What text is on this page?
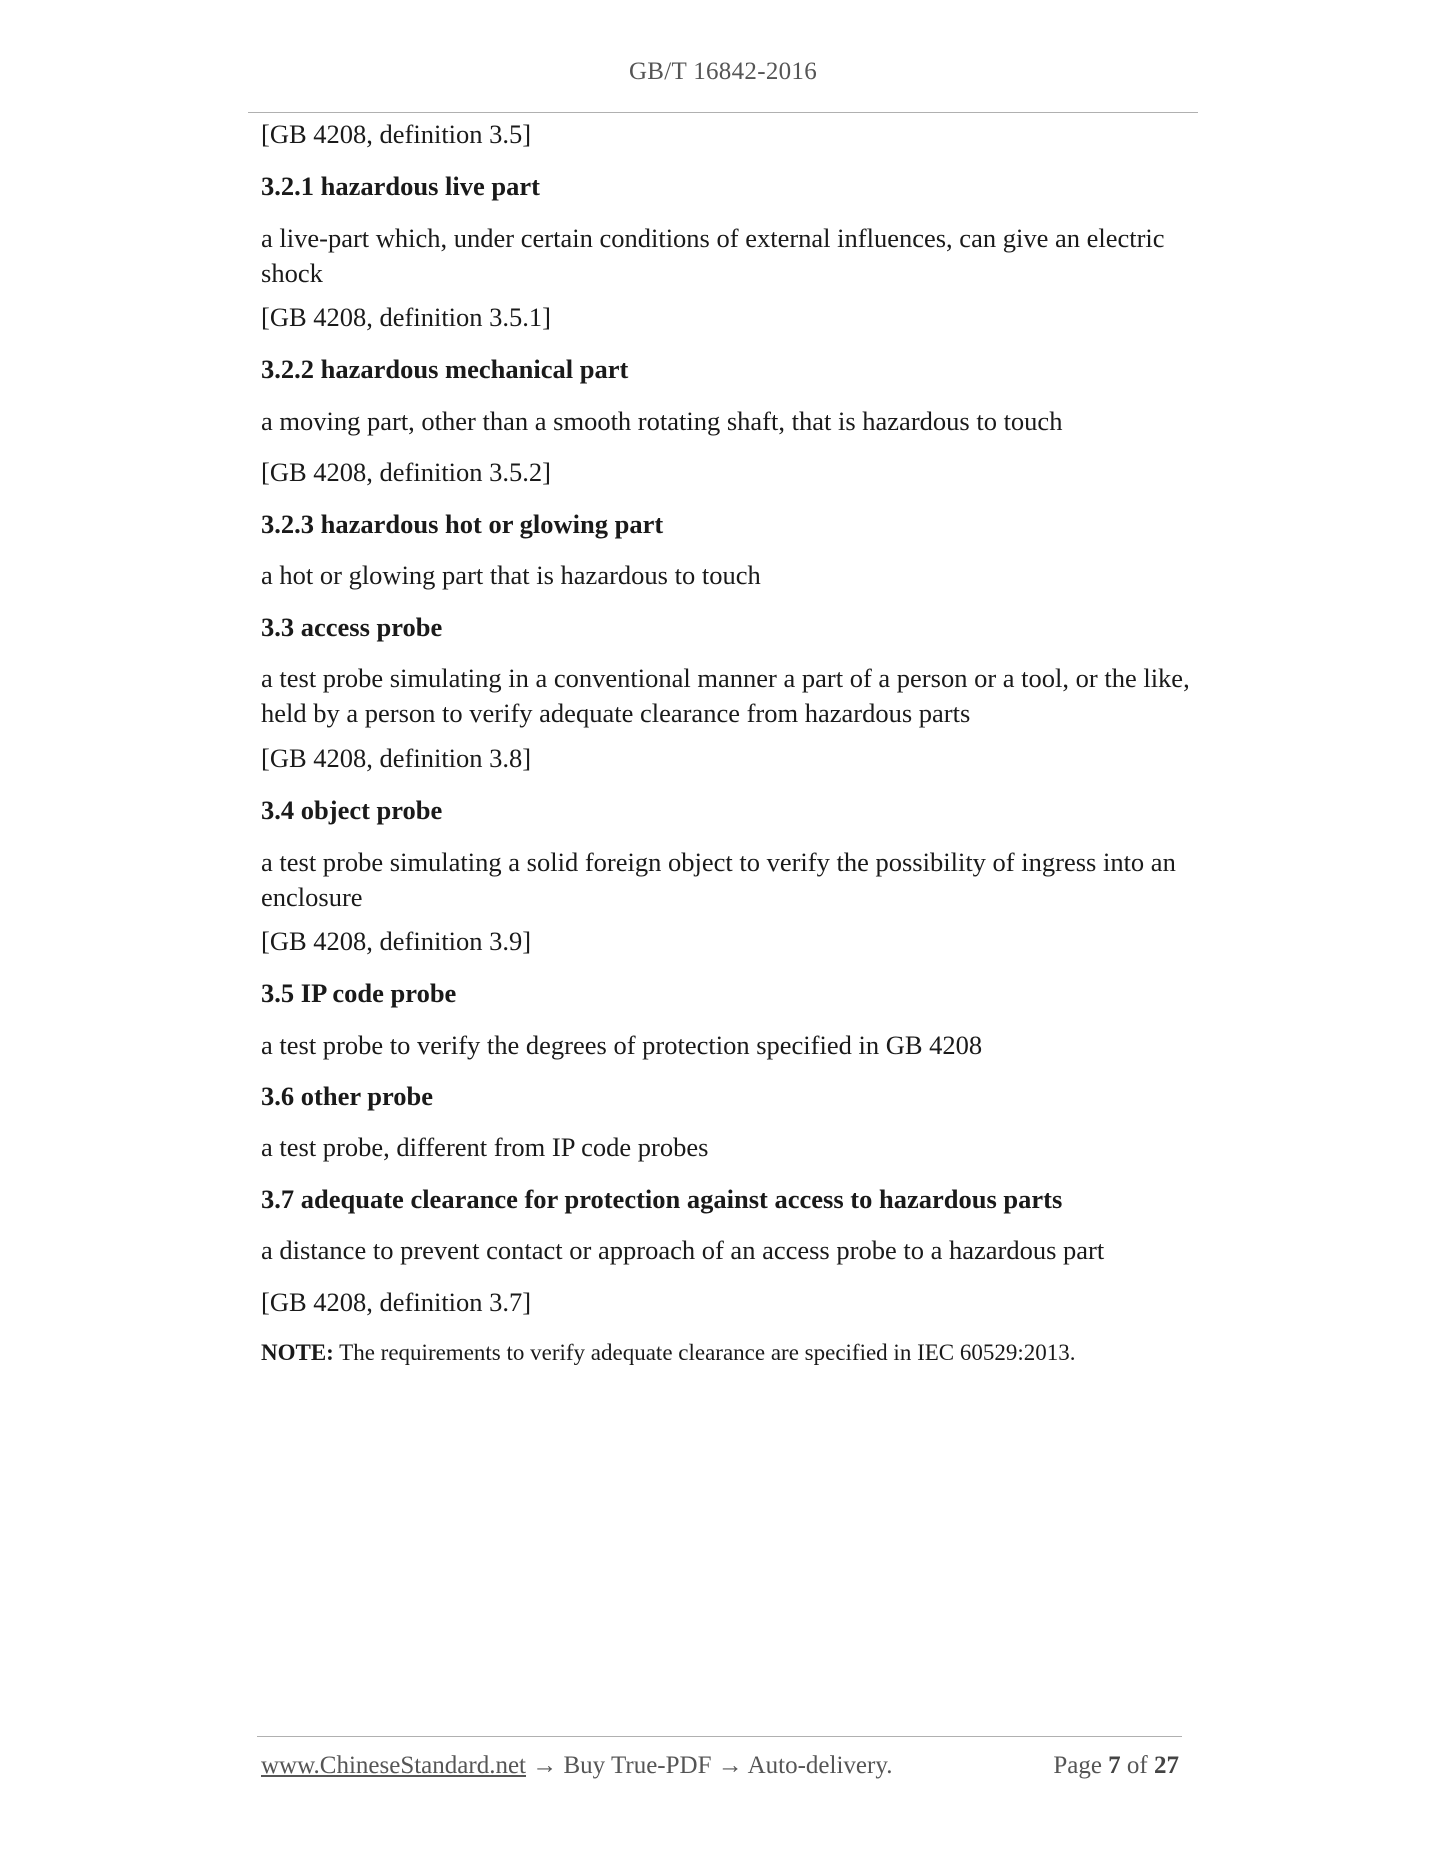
GB/T 16842-2016

[GB 4208, definition 3.5]

3.2.1 hazardous live part

a live-part which, under certain conditions of external influences, can give an electric shock

[GB 4208, definition 3.5.1]

3.2.2 hazardous mechanical part

a moving part, other than a smooth rotating shaft, that is hazardous to touch

[GB 4208, definition 3.5.2]

3.2.3 hazardous hot or glowing part

a hot or glowing part that is hazardous to touch

3.3 access probe

a test probe simulating in a conventional manner a part of a person or a tool, or the like, held by a person to verify adequate clearance from hazardous parts

[GB 4208, definition 3.8]

3.4 object probe

a test probe simulating a solid foreign object to verify the possibility of ingress into an enclosure

[GB 4208, definition 3.9]

3.5 IP code probe

a test probe to verify the degrees of protection specified in GB 4208

3.6 other probe

a test probe, different from IP code probes

3.7 adequate clearance for protection against access to hazardous parts

a distance to prevent contact or approach of an access probe to a hazardous part

[GB 4208, definition 3.7]

NOTE: The requirements to verify adequate clearance are specified in IEC 60529:2013.
www.ChineseStandard.net → Buy True-PDF → Auto-delivery.	Page 7 of 27
